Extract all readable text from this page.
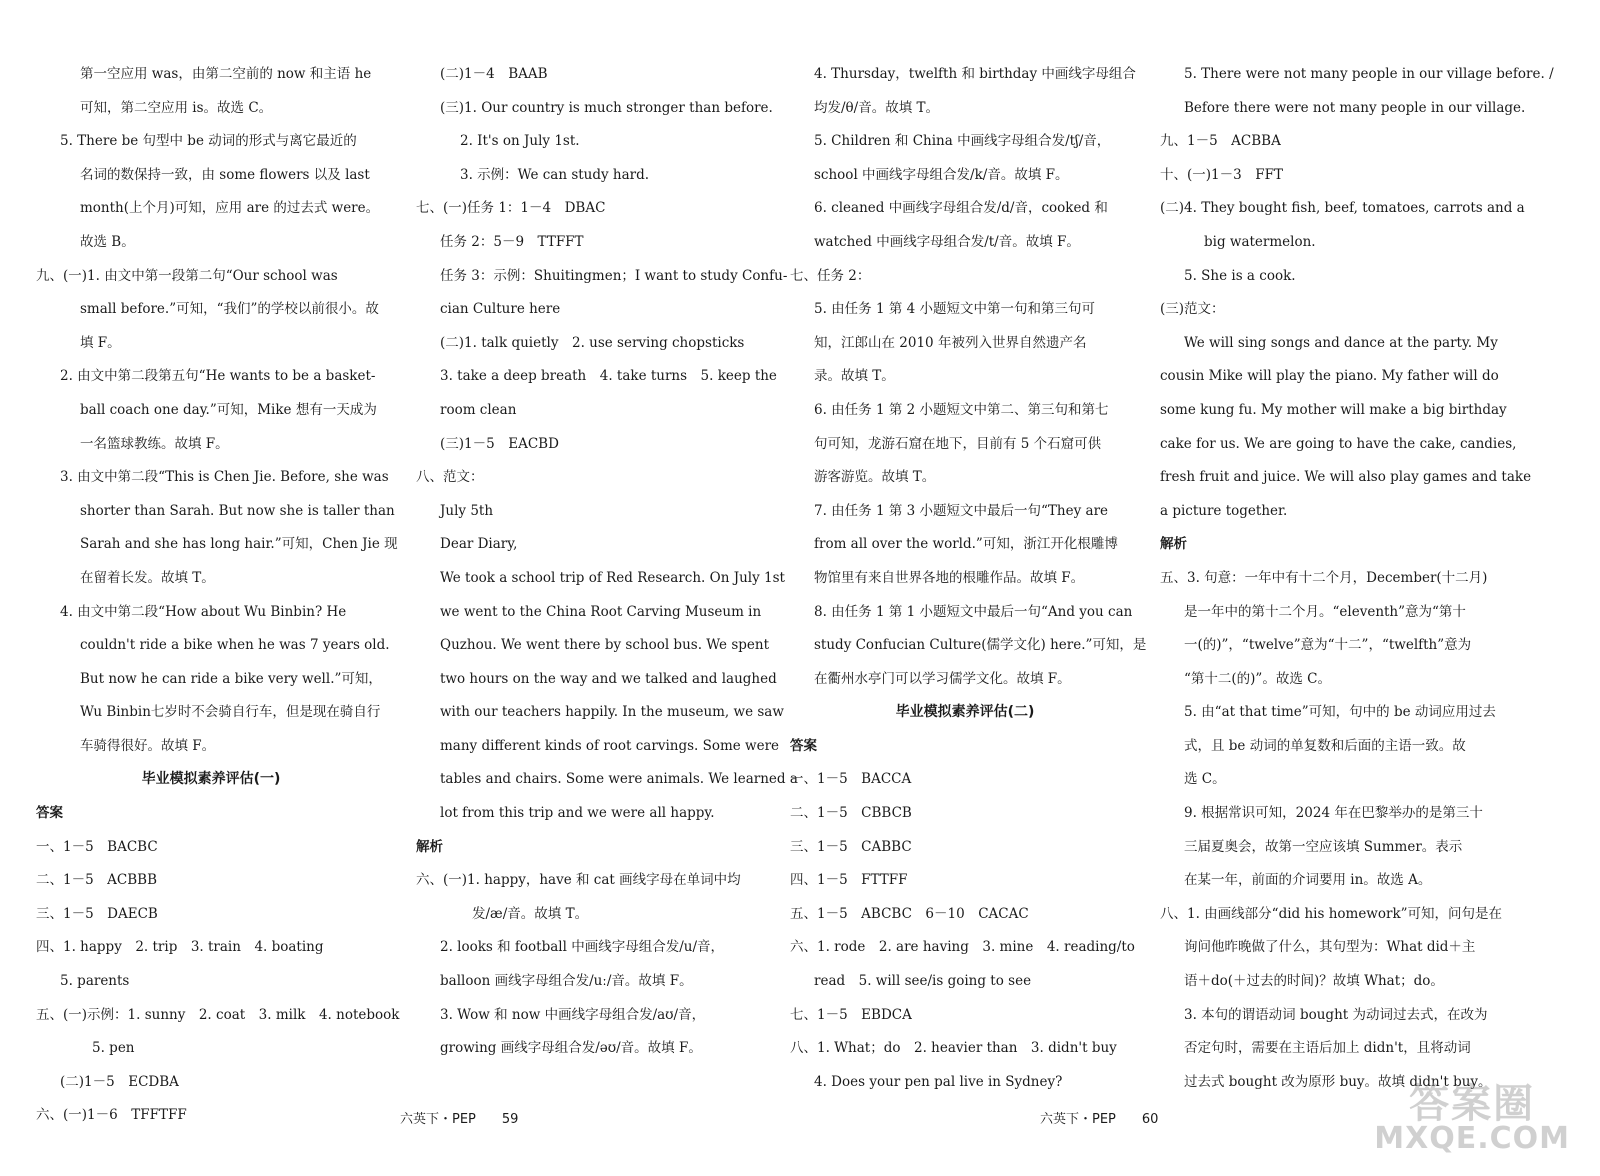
第一空应用 was，由第二空前的 now 和主语 he
可知，第二空应用 is。故选 C。
5. There be 句型中 be 动词的形式与离它最近的
名词的数保持一致，由 some flowers 以及 last
month(上个月)可知，应用 are 的过去式 were。
故选 B。
九、(一)1. 由文中第一段第二句“Our school was
small before.”可知，“我们”的学校以前很小。故
填 F。
2. 由文中第二段第五句“He wants to be a basket-
ball coach one day.”可知，Mike 想有一天成为
一名篮球教练。故填 F。
3. 由文中第二段“This is Chen Jie. Before, she was
shorter than Sarah. But now she is taller than
Sarah and she has long hair.”可知，Chen Jie 现
在留着长发。故填 T。
4. 由文中第二段“How about Wu Binbin? He
couldn't ride a bike when he was 7 years old.
But now he can ride a bike very well.”可知，
Wu Binbin七岁时不会骑自行车，但是现在骑自行
车骑得很好。故填 F。
毕业模拟素养评估(一)
答案
一、1－5　BACBC
二、1－5　ACBBB
三、1－5　DAECB
四、1. happy　2. trip　3. train　4. boating
5. parents
五、(一)示例：1. sunny　2. coat　3. milk　4. notebook
5. pen
(二)1－5　ECDBA
六、(一)1－6　TFFTFF
(二)1－4　BAAB
(三)1. Our country is much stronger than before.
2. It's on July 1st.
3. 示例：We can study hard.
七、(一)任务 1：1－4　DBAC
任务 2：5－9　TTFFT
任务 3：示例：Shuitingmen；I want to study Confu-
cian Culture here
(二)1. talk quietly　2. use serving chopsticks
3. take a deep breath　4. take turns　5. keep the
room clean
(三)1－5　EACBD
八、范文：
July 5th
Dear Diary,
We took a school trip of Red Research. On July 1st
we went to the China Root Carving Museum in
Quzhou. We went there by school bus. We spent
two hours on the way and we talked and laughed
with our teachers happily. In the museum, we saw
many different kinds of root carvings. Some were
tables and chairs. Some were animals. We learned a
lot from this trip and we were all happy.
解析
六、(一)1. happy，have 和 cat 画线字母在单词中均
发/æ/音。故填 T。
2. looks 和 football 中画线字母组合发/u/音，
balloon 画线字母组合发/uː/音。故填 F。
3. Wow 和 now 中画线字母组合发/aʊ/音，
growing 画线字母组合发/əʊ/音。故填 F。
4. Thursday，twelfth 和 birthday 中画线字母组合
均发/θ/音。故填 T。
5. Children 和 China 中画线字母组合发/tʃ/音，
school 中画线字母组合发/k/音。故填 F。
6. cleaned 中画线字母组合发/d/音，cooked 和
watched 中画线字母组合发/t/音。故填 F。
七、任务 2：
5. 由任务 1 第 4 小题短文中第一句和第三句可
知，江郎山在 2010 年被列入世界自然遗产名
录。故填 T。
6. 由任务 1 第 2 小题短文中第二、第三句和第七
句可知，龙游石窟在地下，目前有 5 个石窟可供
游客游览。故填 T。
7. 由任务 1 第 3 小题短文中最后一句“They are
from all over the world.”可知，浙江开化根雕博
物馆里有来自世界各地的根雕作品。故填 F。
8. 由任务 1 第 1 小题短文中最后一句“And you can
study Confucian Culture(儒学文化) here.”可知，是
在衢州水亭门可以学习儒学文化。故填 F。
毕业模拟素养评估(二)
答案
一、1－5　BACCA
二、1－5　CBBCB
三、1－5　CABBC
四、1－5　FTTFF
五、1－5　ABCBC　6－10　CACAC
六、1. rode　2. are having　3. mine　4. reading/to
read　5. will see/is going to see
七、1－5　EBDCA
八、1. What；do　2. heavier than　3. didn't buy
4. Does your pen pal live in Sydney?
5. There were not many people in our village before. /
Before there were not many people in our village.
九、1－5　ACBBA
十、(一)1－3　FFT
(二)4. They bought fish, beef, tomatoes, carrots and a
big watermelon.
5. She is a cook.
(三)范文：
We will sing songs and dance at the party. My
cousin Mike will play the piano. My father will do
some kung fu. My mother will make a big birthday
cake for us. We are going to have the cake, candies,
fresh fruit and juice. We will also play games and take
a picture together.
解析
五、3. 句意：一年中有十二个月，December(十二月)
是一年中的第十二个月。“eleventh”意为“第十
一(的)”，“twelve”意为“十二”，“twelfth”意为
“第十二(的)”。故选 C。
5. 由“at that time”可知，句中的 be 动词应用过去
式，且 be 动词的单复数和后面的主语一致。故
选 C。
9. 根据常识可知，2024 年在巴黎举办的是第三十
三届夏奥会，故第一空应该填 Summer。表示
在某一年，前面的介词要用 in。故选 A。
八、1. 由画线部分“did his homework”可知，问句是在
询问他昨晚做了什么，其句型为：What did＋主
语＋do(＋过去的时间)？故填 What；do。
3. 本句的谓语动词 bought 为动词过去式，在改为
否定句时，需要在主语后加上 didn't，且将动词
过去式 bought 改为原形 buy。故填 didn't buy。
六英下・PEP　　59	六英下・PEP　　60	答案圈
MXQE.COM
